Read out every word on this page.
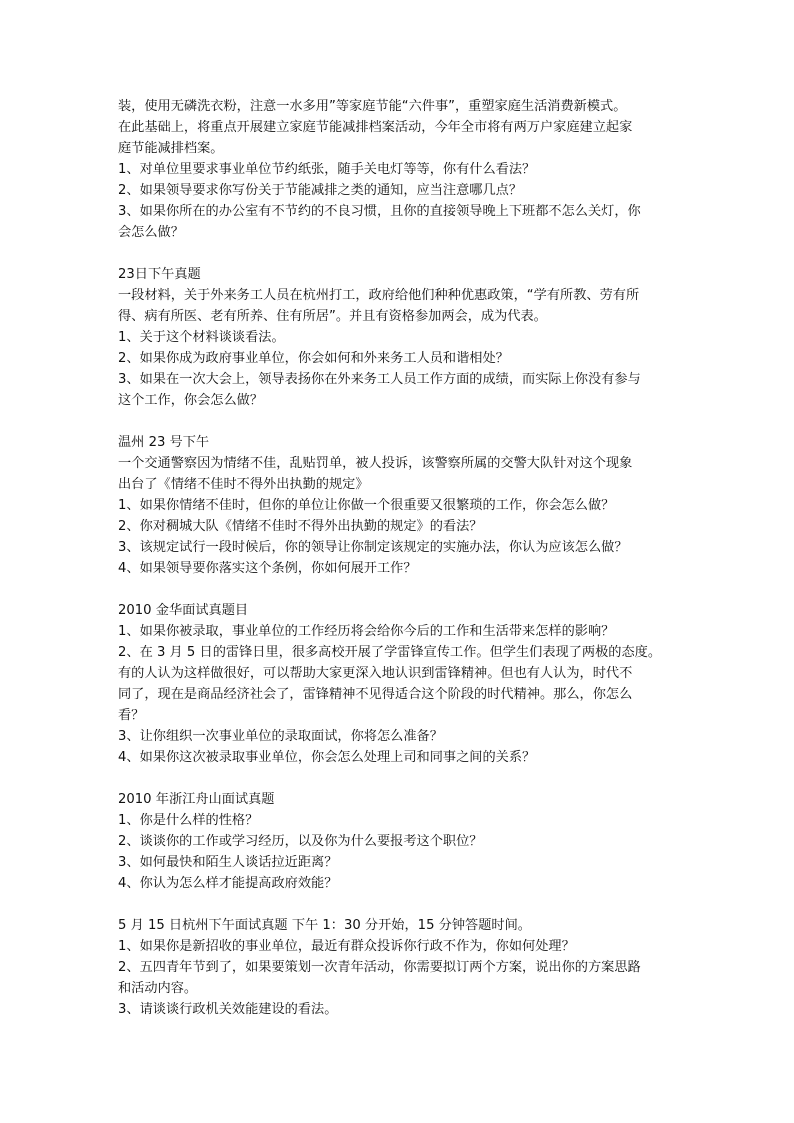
装，使用无磷洗衣粉，注意一水多用”等家庭节能“六件事”，重塑家庭生活消费新模式。
在此基础上，将重点开展建立家庭节能减排档案活动，今年全市将有两万户家庭建立起家
庭节能减排档案。
1、对单位里要求事业单位节约纸张，随手关电灯等等，你有什么看法？
2、如果领导要求你写份关于节能减排之类的通知，应当注意哪几点？
3、如果你所在的办公室有不节约的不良习惯，且你的直接领导晚上下班都不怎么关灯，你
会怎么做？
23日下午真题
一段材料，关于外来务工人员在杭州打工，政府给他们种种优惠政策，“学有所教、劳有所
得、病有所医、老有所养、住有所居”。并且有资格参加两会，成为代表。
1、关于这个材料谈谈看法。
2、如果你成为政府事业单位，你会如何和外来务工人员和谐相处？
3、如果在一次大会上，领导表扬你在外来务工人员工作方面的成绩，而实际上你没有参与
这个工作，你会怎么做？
温州 23 号下午
一个交通警察因为情绪不佳，乱贴罚单，被人投诉，该警察所属的交警大队针对这个现象
出台了《情绪不佳时不得外出执勤的规定》
1、如果你情绪不佳时，但你的单位让你做一个很重要又很繁琐的工作，你会怎么做？
2、你对稠城大队《情绪不佳时不得外出执勤的规定》的看法？
3、该规定试行一段时候后，你的领导让你制定该规定的实施办法，你认为应该怎么做？
4、如果领导要你落实这个条例，你如何展开工作？
2010 金华面试真题目
1、如果你被录取，事业单位的工作经历将会给你今后的工作和生活带来怎样的影响？
2、在 3 月 5 日的雷锋日里，很多高校开展了学雷锋宣传工作。但学生们表现了两极的态度。
有的人认为这样做很好，可以帮助大家更深入地认识到雷锋精神。但也有人认为，时代不
同了，现在是商品经济社会了，雷锋精神不见得适合这个阶段的时代精神。那么，你怎么
看？
3、让你组织一次事业单位的录取面试，你将怎么准备？
4、如果你这次被录取事业单位，你会怎么处理上司和同事之间的关系？
2010 年浙江舟山面试真题
1、你是什么样的性格？
2、谈谈你的工作或学习经历，以及你为什么要报考这个职位？
3、如何最快和陌生人谈话拉近距离？
4、你认为怎么样才能提高政府效能？
5 月 15 日杭州下午面试真题 下午 1：30 分开始，15 分钟答题时间。
1、如果你是新招收的事业单位，最近有群众投诉你行政不作为，你如何处理？
2、五四青年节到了，如果要策划一次青年活动，你需要拟订两个方案，说出你的方案思路
和活动内容。
3、请谈谈行政机关效能建设的看法。
